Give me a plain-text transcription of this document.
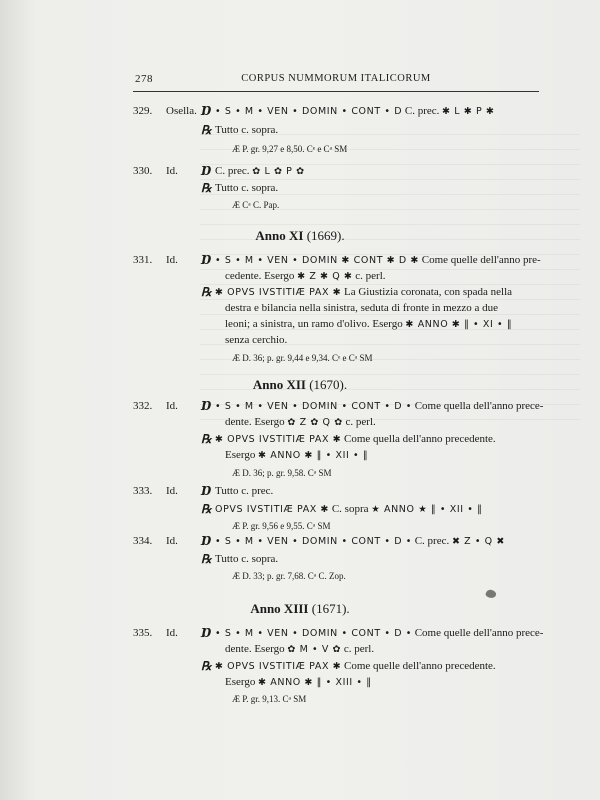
278	CORPUS NUMMORUM ITALICORUM
329. Osella. Ɒ • S • M • VEN • DOMIN • CONT • D C. prec. ✱ L ✱ P ✱
℞ Tutto c. sopra.
Æ P. gr. 9,27 e 8,50. Cᵉ e Cᵃ SM
330. Id. Ɒ C. prec. ✿ L ✿ P ✿
℞ Tutto c. sopra.
Æ Cᵃ C. Pap.
Anno XI (1669).
331. Id. Ɒ • S • M • VEN • DOMIN ✱ CONT ✱ D ✱ Come quelle dell'anno pre-
cedente. Esergo ✱ Z ✱ Q ✱ c. perl.
℞ ✱ OPVS IVSTITIÆ PAX ✱ La Giustizia coronata, con spada nella
destra e bilancia nella sinistra, seduta di fronte in mezzo a due
leoni; a sinistra, un ramo d'olivo. Esergo ✱ ANNO ✱ ‖ • XI • ‖
senza cerchio.
Æ D. 36; p. gr. 9,44 e 9,34. Cᵉ e Cᵃ SM
Anno XII (1670).
332. Id. Ɒ • S • M • VEN • DOMIN • CONT • D • Come quella dell'anno prece-
dente. Esergo ✿ Z ✿ Q ✿ c. perl.
℞ ✱ OPVS IVSTITIÆ PAX ✱ Come quella dell'anno precedente.
Esergo ✱ ANNO ✱ ‖ • XII • ‖
Æ D. 36; p. gr. 9,58. Cᵃ SM
333. Id. Ɒ Tutto c. prec.
℞ OPVS IVSTITIÆ PAX ✱ C. sopra ★ ANNO ★ ‖ • XII • ‖
Æ P. gr. 9,56 e 9,55. Cᵃ SM
334. Id. Ɒ • S • M • VEN • DOMIN • CONT • D • C. prec. ✖ Z • Q ✖
℞ Tutto c. sopra.
Æ D. 33; p. gr. 7,68. Cᵃ C. Zop.
Anno XIII (1671).
335. Id. Ɒ • S • M • VEN • DOMIN • CONT • D • Come quelle dell'anno prece-
dente. Esergo ✿ M • V ✿ c. perl.
℞ ✱ OPVS IVSTITIÆ PAX ✱ Come quelle dell'anno precedente.
Esergo ✱ ANNO ✱ ‖ • XIII • ‖
Æ P. gr. 9,13. Cᵃ SM
